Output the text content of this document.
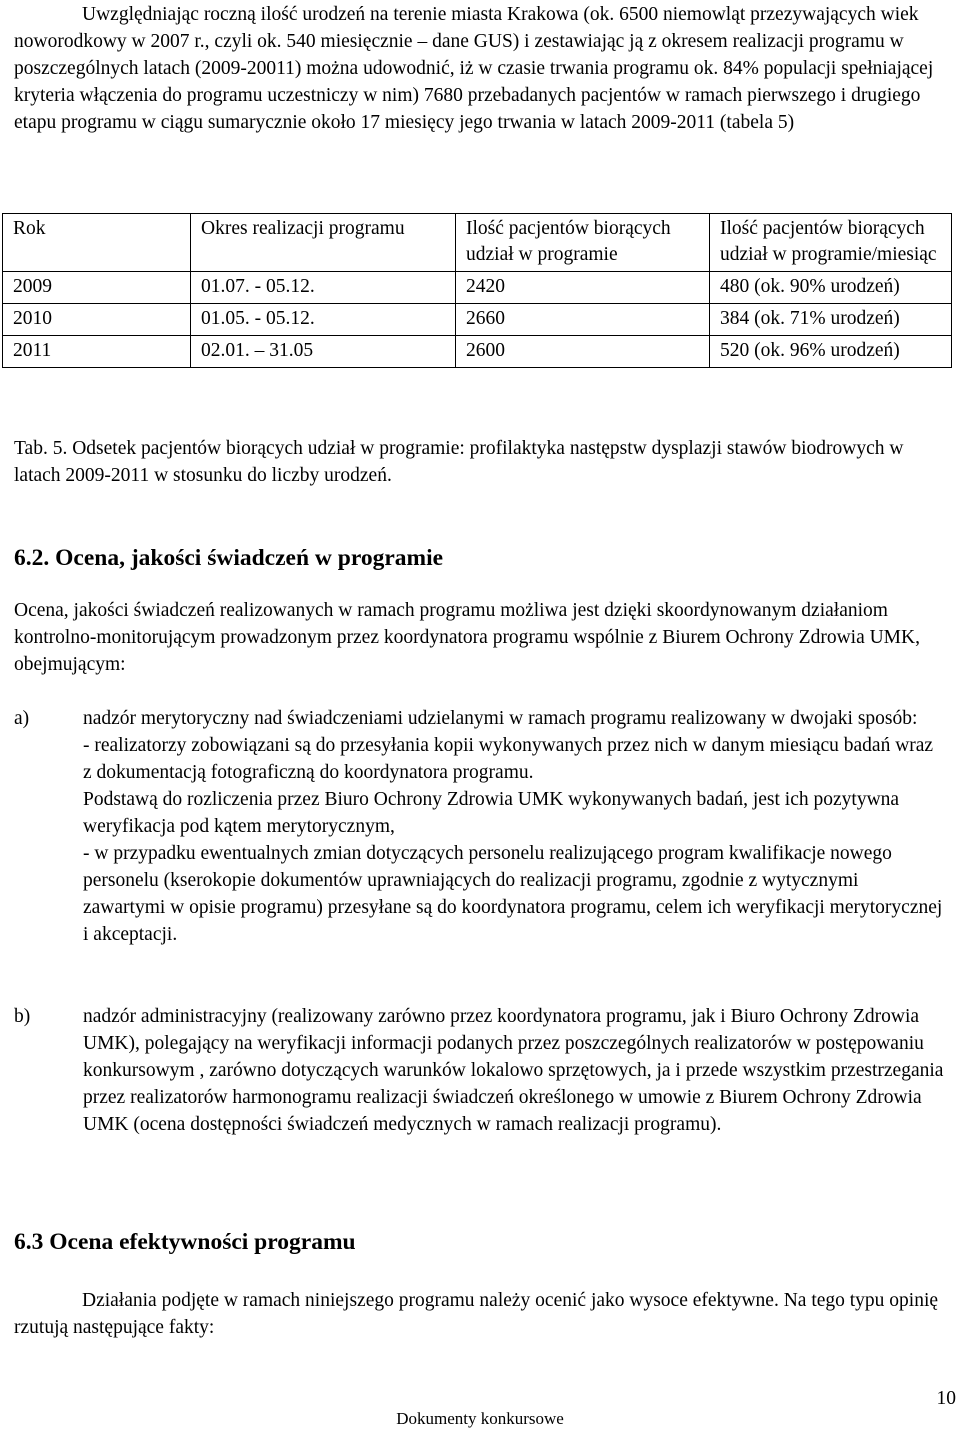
Uwzględniając roczną ilość urodzeń na terenie miasta Krakowa (ok. 6500 niemowląt przezywających wiek noworodkowy w 2007 r., czyli ok. 540 miesięcznie – dane GUS) i zestawiając ją z okresem realizacji programu w poszczególnych latach (2009-20011) można udowodnić, iż w czasie trwania programu ok. 84% populacji spełniającej kryteria włączenia do programu uczestniczy w nim) 7680 przebadanych pacjentów w ramach pierwszego i drugiego etapu programu w ciągu sumarycznie około 17 miesięcy jego trwania w latach 2009-2011 (tabela 5)

Rok	Okres realizacji programu	Ilość pacjentów biorących udział w programie	Ilość pacjentów biorących udział w programie/miesiąc
2009	01.07. - 05.12.	2420	480 (ok. 90% urodzeń)
2010	01.05. - 05.12.	2660	384 (ok. 71% urodzeń)
2011	02.01. – 31.05	2600	520 (ok. 96% urodzeń)

Tab. 5. Odsetek pacjentów biorących udział w programie: profilaktyka następstw dysplazji stawów biodrowych w latach 2009-2011 w stosunku do liczby urodzeń.

6.2. Ocena, jakości świadczeń w programie

Ocena, jakości świadczeń realizowanych w ramach programu możliwa jest dzięki skoordynowanym działaniom kontrolno-monitorującym prowadzonym przez koordynatora programu wspólnie z Biurem Ochrony Zdrowia UMK, obejmującym:

a)	nadzór merytoryczny nad świadczeniami udzielanymi w ramach programu realizowany w dwojaki sposób:

- realizatorzy zobowiązani są do przesyłania kopii wykonywanych przez nich w danym miesiącu badań wraz z dokumentacją fotograficzną do koordynatora programu.

Podstawą do rozliczenia przez Biuro Ochrony Zdrowia UMK wykonywanych badań, jest ich pozytywna weryfikacja pod kątem merytorycznym,

- w przypadku ewentualnych zmian dotyczących personelu realizującego program kwalifikacje nowego personelu (kserokopie dokumentów uprawniających do realizacji programu, zgodnie z wytycznymi zawartymi w opisie programu) przesyłane są do koordynatora programu, celem ich weryfikacji merytorycznej i akceptacji.

b)	nadzór administracyjny (realizowany zarówno przez koordynatora programu, jak i Biuro Ochrony Zdrowia UMK), polegający na weryfikacji informacji podanych przez poszczególnych realizatorów w postępowaniu konkursowym , zarówno dotyczących warunków lokalowo sprzętowych, ja i przede wszystkim przestrzegania przez realizatorów harmonogramu realizacji świadczeń określonego w umowie z Biurem Ochrony Zdrowia UMK (ocena dostępności świadczeń medycznych w ramach realizacji programu).

6.3 Ocena efektywności programu

Działania podjęte w ramach niniejszego programu należy ocenić jako wysoce efektywne. Na tego typu opinię rzutują następujące fakty:

10
Dokumenty konkursowe
